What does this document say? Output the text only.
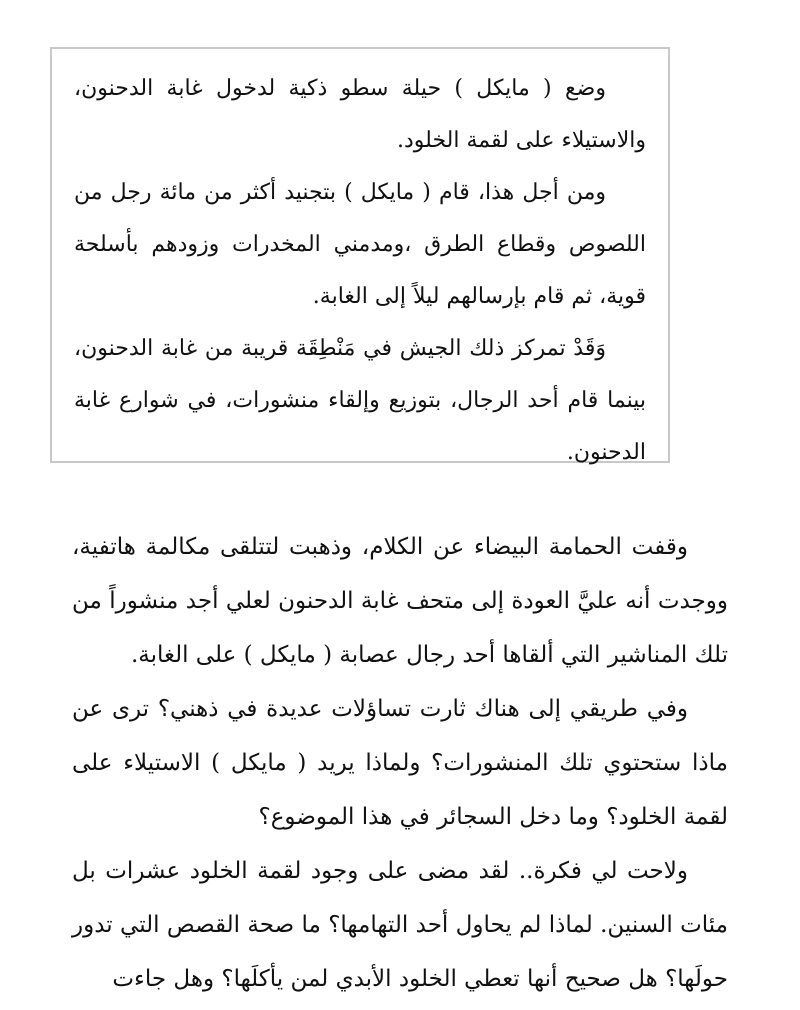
وضع ( مايكل ) حيلة سطو ذكية لدخول غابة الدحنون، والاستيلاء على لقمة الخلود.

ومن أجل هذا، قام ( مايكل ) بتجنيد أكثر من مائة رجل من اللصوص وقطاع الطرق ،ومدمني المخدرات وزودهم بأسلحة قوية، ثم قام بإرسالهم ليلاً إلى الغابة.

وَقَدْ تمركز ذلك الجيش في مَنْطِقَة قريبة من غابة الدحنون، بينما قام أحد الرجال، بتوزيع وإلقاء منشورات، في شوارع غابة الدحنون.

وقفت الحمامة البيضاء عن الكلام، وذهبت لتتلقى مكالمة هاتفية، ووجدت أنه عليَّ العودة إلى متحف غابة الدحنون لعلي أجد منشوراً من تلك المناشير التي ألقاها أحد رجال عصابة ( مايكل ) على الغابة.

وفي طريقي إلى هناك ثارت تساؤلات عديدة في ذهني؟ ترى عن ماذا ستحتوي تلك المنشورات؟ ولماذا يريد ( مايكل ) الاستيلاء على لقمة الخلود؟ وما دخل السجائر في هذا الموضوع؟

ولاحت لي فكرة.. لقد مضى على وجود لقمة الخلود عشرات بل مئات السنين. لماذا لم يحاول أحد التهامها؟ ما صحة القصص التي تدور حولَها؟ هل صحيح أنها تعطي الخلود الأبدي لمن يأكلَها؟ وهل جاءت
